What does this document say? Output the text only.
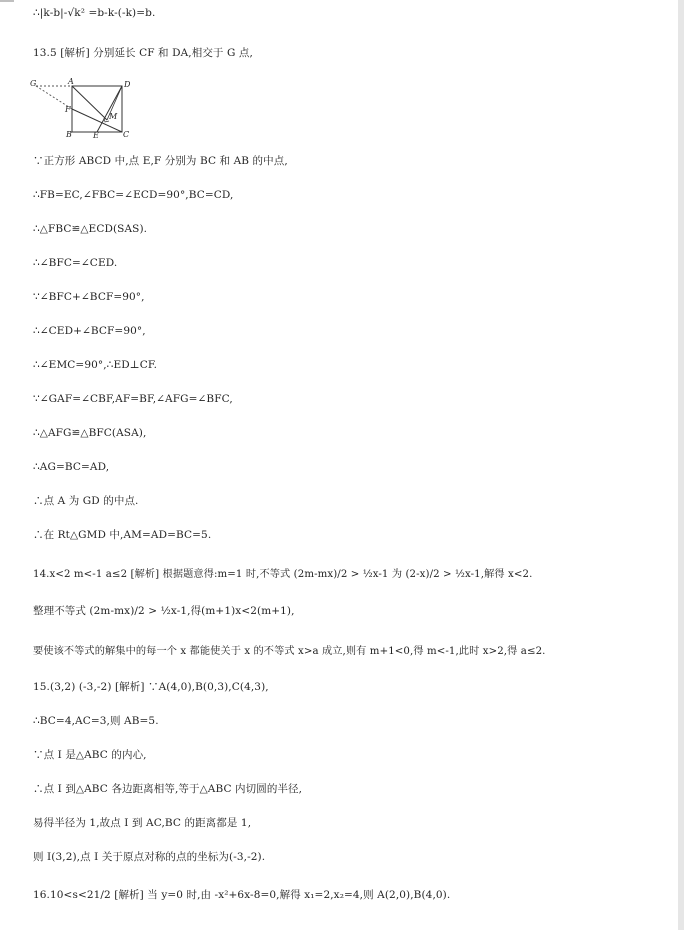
∴|k-b|-√k² =b-k-(-k)=b.
13.5 [解析] 分别延长 CF 和 DA,相交于 G 点,
G	A	D
F
M
B	E	C
∵正方形 ABCD 中,点 E,F 分别为 BC 和 AB 的中点,
∴FB=EC,∠FBC=∠ECD=90°,BC=CD,
∴△FBC≌△ECD(SAS).
∴∠BFC=∠CED.
∵∠BFC+∠BCF=90°,
∴∠CED+∠BCF=90°,
∴∠EMC=90°,∴ED⊥CF.
∵∠GAF=∠CBF,AF=BF,∠AFG=∠BFC,
∴△AFG≌△BFC(ASA),
∴AG=BC=AD,
∴点 A 为 GD 的中点.
∴在 Rt△GMD 中,AM=AD=BC=5.
14.x<2 m<-1 a≤2 [解析] 根据题意得:m=1 时,不等式 (2m-mx)/2 > ½x-1 为 (2-x)/2 > ½x-1,解得 x<2.
整理不等式 (2m-mx)/2 > ½x-1,得(m+1)x<2(m+1),
要使该不等式的解集中的每一个 x 都能使关于 x 的不等式 x>a 成立,则有 m+1<0,得 m<-1,此时 x>2,得 a≤2.
15.(3,2) (-3,-2) [解析] ∵A(4,0),B(0,3),C(4,3),
∴BC=4,AC=3,则 AB=5.
∵点 I 是△ABC 的内心,
∴点 I 到△ABC 各边距离相等,等于△ABC 内切圆的半径,
易得半径为 1,故点 I 到 AC,BC 的距离都是 1,
则 I(3,2),点 I 关于原点对称的点的坐标为(-3,-2).
16.10<s<21/2 [解析] 当 y=0 时,由 -x²+6x-8=0,解得 x₁=2,x₂=4,则 A(2,0),B(4,0).
